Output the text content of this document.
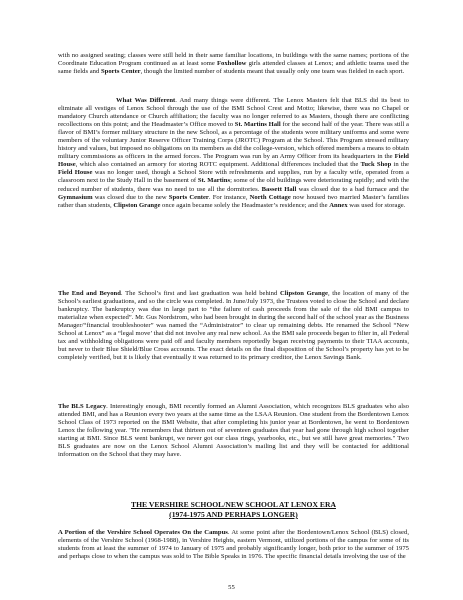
with no assigned seating; classes were still held in their same familiar locations, in buildings with the same names; portions of the Coordinate Education Program continued as at least some Foxhollow girls attended classes at Lenox; and athletic teams used the same fields and Sports Center, though the limited number of students meant that usually only one team was fielded in each sport.

What Was Different. And many things were different. The Lenox Masters felt that BLS did its best to eliminate all vestiges of Lenox School through the use of the BMI School Crest and Motto; likewise, there was no Chapel or mandatory Church attendance or Church affiliation; the faculty was no longer referred to as Masters, though there are conflicting recollections on this point; and the Headmaster’s Office moved to St. Martins Hall for the second half of the year. There was still a flavor of BMI’s former military structure in the new School, as a percentage of the students wore military uniforms and some were members of the voluntary Junior Reserve Officer Training Corps (JROTC) Program at the School. This Program stressed military history and values, but imposed no obligations on its members as did the college-version, which offered members a means to obtain military commissions as officers in the armed forces. The Program was run by an Army Officer from its headquarters in the Field House, which also contained an armory for storing ROTC equipment. Additional differences included that the Tuck Shop in the Field House was no longer used, though a School Store with refreshments and supplies, run by a faculty wife, operated from a classroom next to the Study Hall in the basement of St. Martins; some of the old buildings were deteriorating rapidly; and with the reduced number of students, there was no need to use all the dormitories. Bassett Hall was closed due to a bad furnace and the Gymnasium was closed due to the new Sports Center. For instance, North Cottage now housed two married Master’s families rather than students, Clipston Grange once again became solely the Headmaster’s residence; and the Annex was used for storage.

The End and Beyond. The School’s first and last graduation was held behind Clipston Grange, the location of many of the School’s earliest graduations, and so the circle was completed. In June/July 1973, the Trustees voted to close the School and declare bankruptcy. The bankruptcy was due in large part to “the failure of cash proceeds from the sale of the old BMI campus to materialize when expected”. Mr. Gus Nordstrom, who had been brought in during the second half of the school year as the Business Manager/“financial troubleshooter” was named the “Administrator” to clear up remaining debts. He renamed the School “New School at Lenox” as a “legal move’ that did not involve any real new school. As the BMI sale proceeds began to filter in, all Federal tax and withholding obligations were paid off and faculty members reportedly began receiving payments to their TIAA accounts, but never to their Blue Shield/Blue Cross accounts. The exact details on the final disposition of the School’s property has yet to be completely verified, but it is likely that eventually it was returned to its primary creditor, the Lenox Savings Bank.

The BLS Legacy. Interestingly enough, BMI recently formed an Alumni Association, which recognizes BLS graduates who also attended BMI, and has a Reunion every two years at the same time as the LSAA Reunion. One student from the Bordentown Lenox School Class of 1973 reported on the BMI Website, that after completing his junior year at Bordentown, he went to Bordentown Lenox the following year. "He remembers that thirteen out of seventeen graduates that year had gone through high school together starting at BMI. Since BLS went bankrupt, we never got our class rings, yearbooks, etc., but we still have great memories." Two BLS graduates are now on the Lenox School Alumni Association’s mailing list and they will be contacted for additional information on the School that they may have.

THE VERSHIRE SCHOOL/NEW SCHOOL AT LENOX ERA

(1974-1975 AND PERHAPS LONGER)

A Portion of the Vershire School Operates On the Campus. At some point after the Bordentown/Lenox School (BLS) closed, elements of the Vershire School (1968-1988), in Vershire Heights, eastern Vermont, utilized portions of the campus for some of its students from at least the summer of 1974 to January of 1975 and probably significantly longer, both prior to the summer of 1975 and perhaps close to when the campus was sold to The Bible Speaks in 1976. The specific financial details involving the use of the

55
